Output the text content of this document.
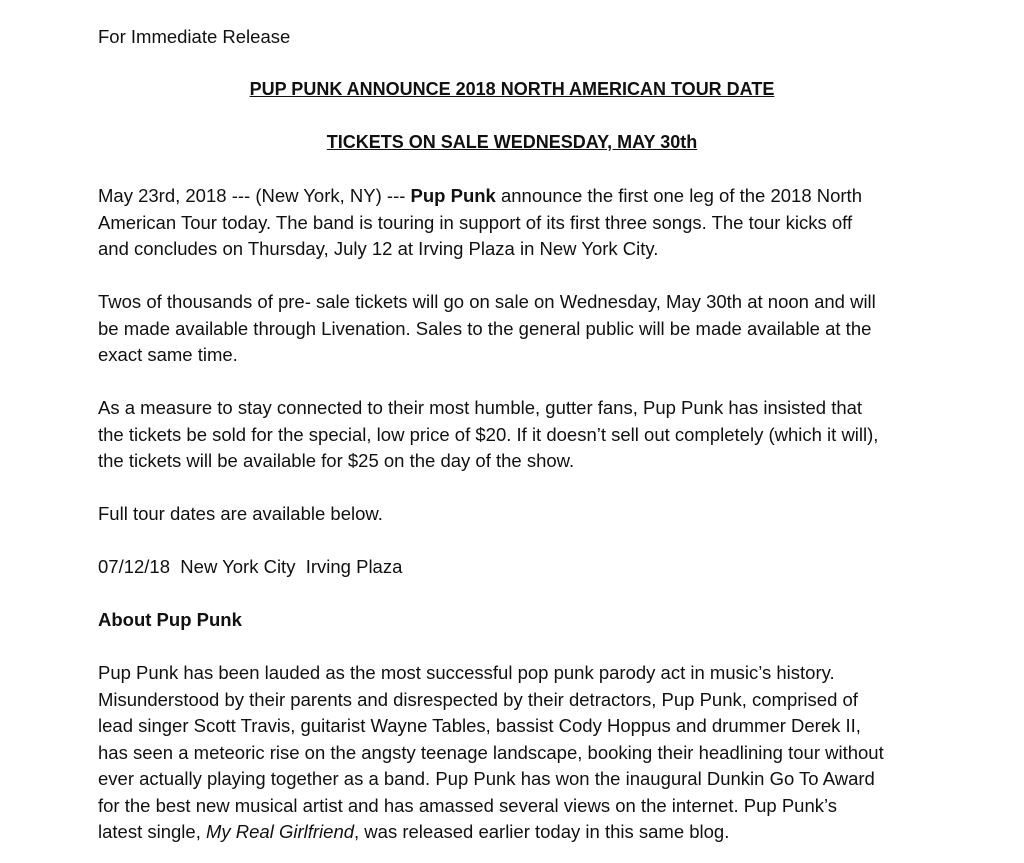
For Immediate Release
PUP PUNK ANNOUNCE 2018 NORTH AMERICAN TOUR DATE
TICKETS ON SALE WEDNESDAY, MAY 30th

May 23rd, 2018 --- (New York, NY) --- Pup Punk announce the first one leg of the 2018 North

American Tour today. The band is touring in support of its first three songs. The tour kicks off

and concludes on Thursday, July 12 at Irving Plaza in New York City.

Twos of thousands of pre- sale tickets will go on sale on Wednesday, May 30th at noon and will

be made available through Livenation. Sales to the general public will be made available at the

exact same time.

As a measure to stay connected to their most humble, gutter fans, Pup Punk has insisted that

the tickets be sold for the special, low price of $20. If it doesn’t sell out completely (which it will),

the tickets will be available for $25 on the day of the show.

Full tour dates are available below.
07/12/18 New York City Irving Plaza
About Pup Punk

Pup Punk has been lauded as the most successful pop punk parody act in music’s history.

Misunderstood by their parents and disrespected by their detractors, Pup Punk, comprised of

lead singer Scott Travis, guitarist Wayne Tables, bassist Cody Hoppus and drummer Derek II,

has seen a meteoric rise on the angsty teenage landscape, booking their headlining tour without

ever actually playing together as a band. Pup Punk has won the inaugural Dunkin Go To Award

for the best new musical artist and has amassed several views on the internet. Pup Punk’s

latest single, My Real Girlfriend, was released earlier today in this same blog.
